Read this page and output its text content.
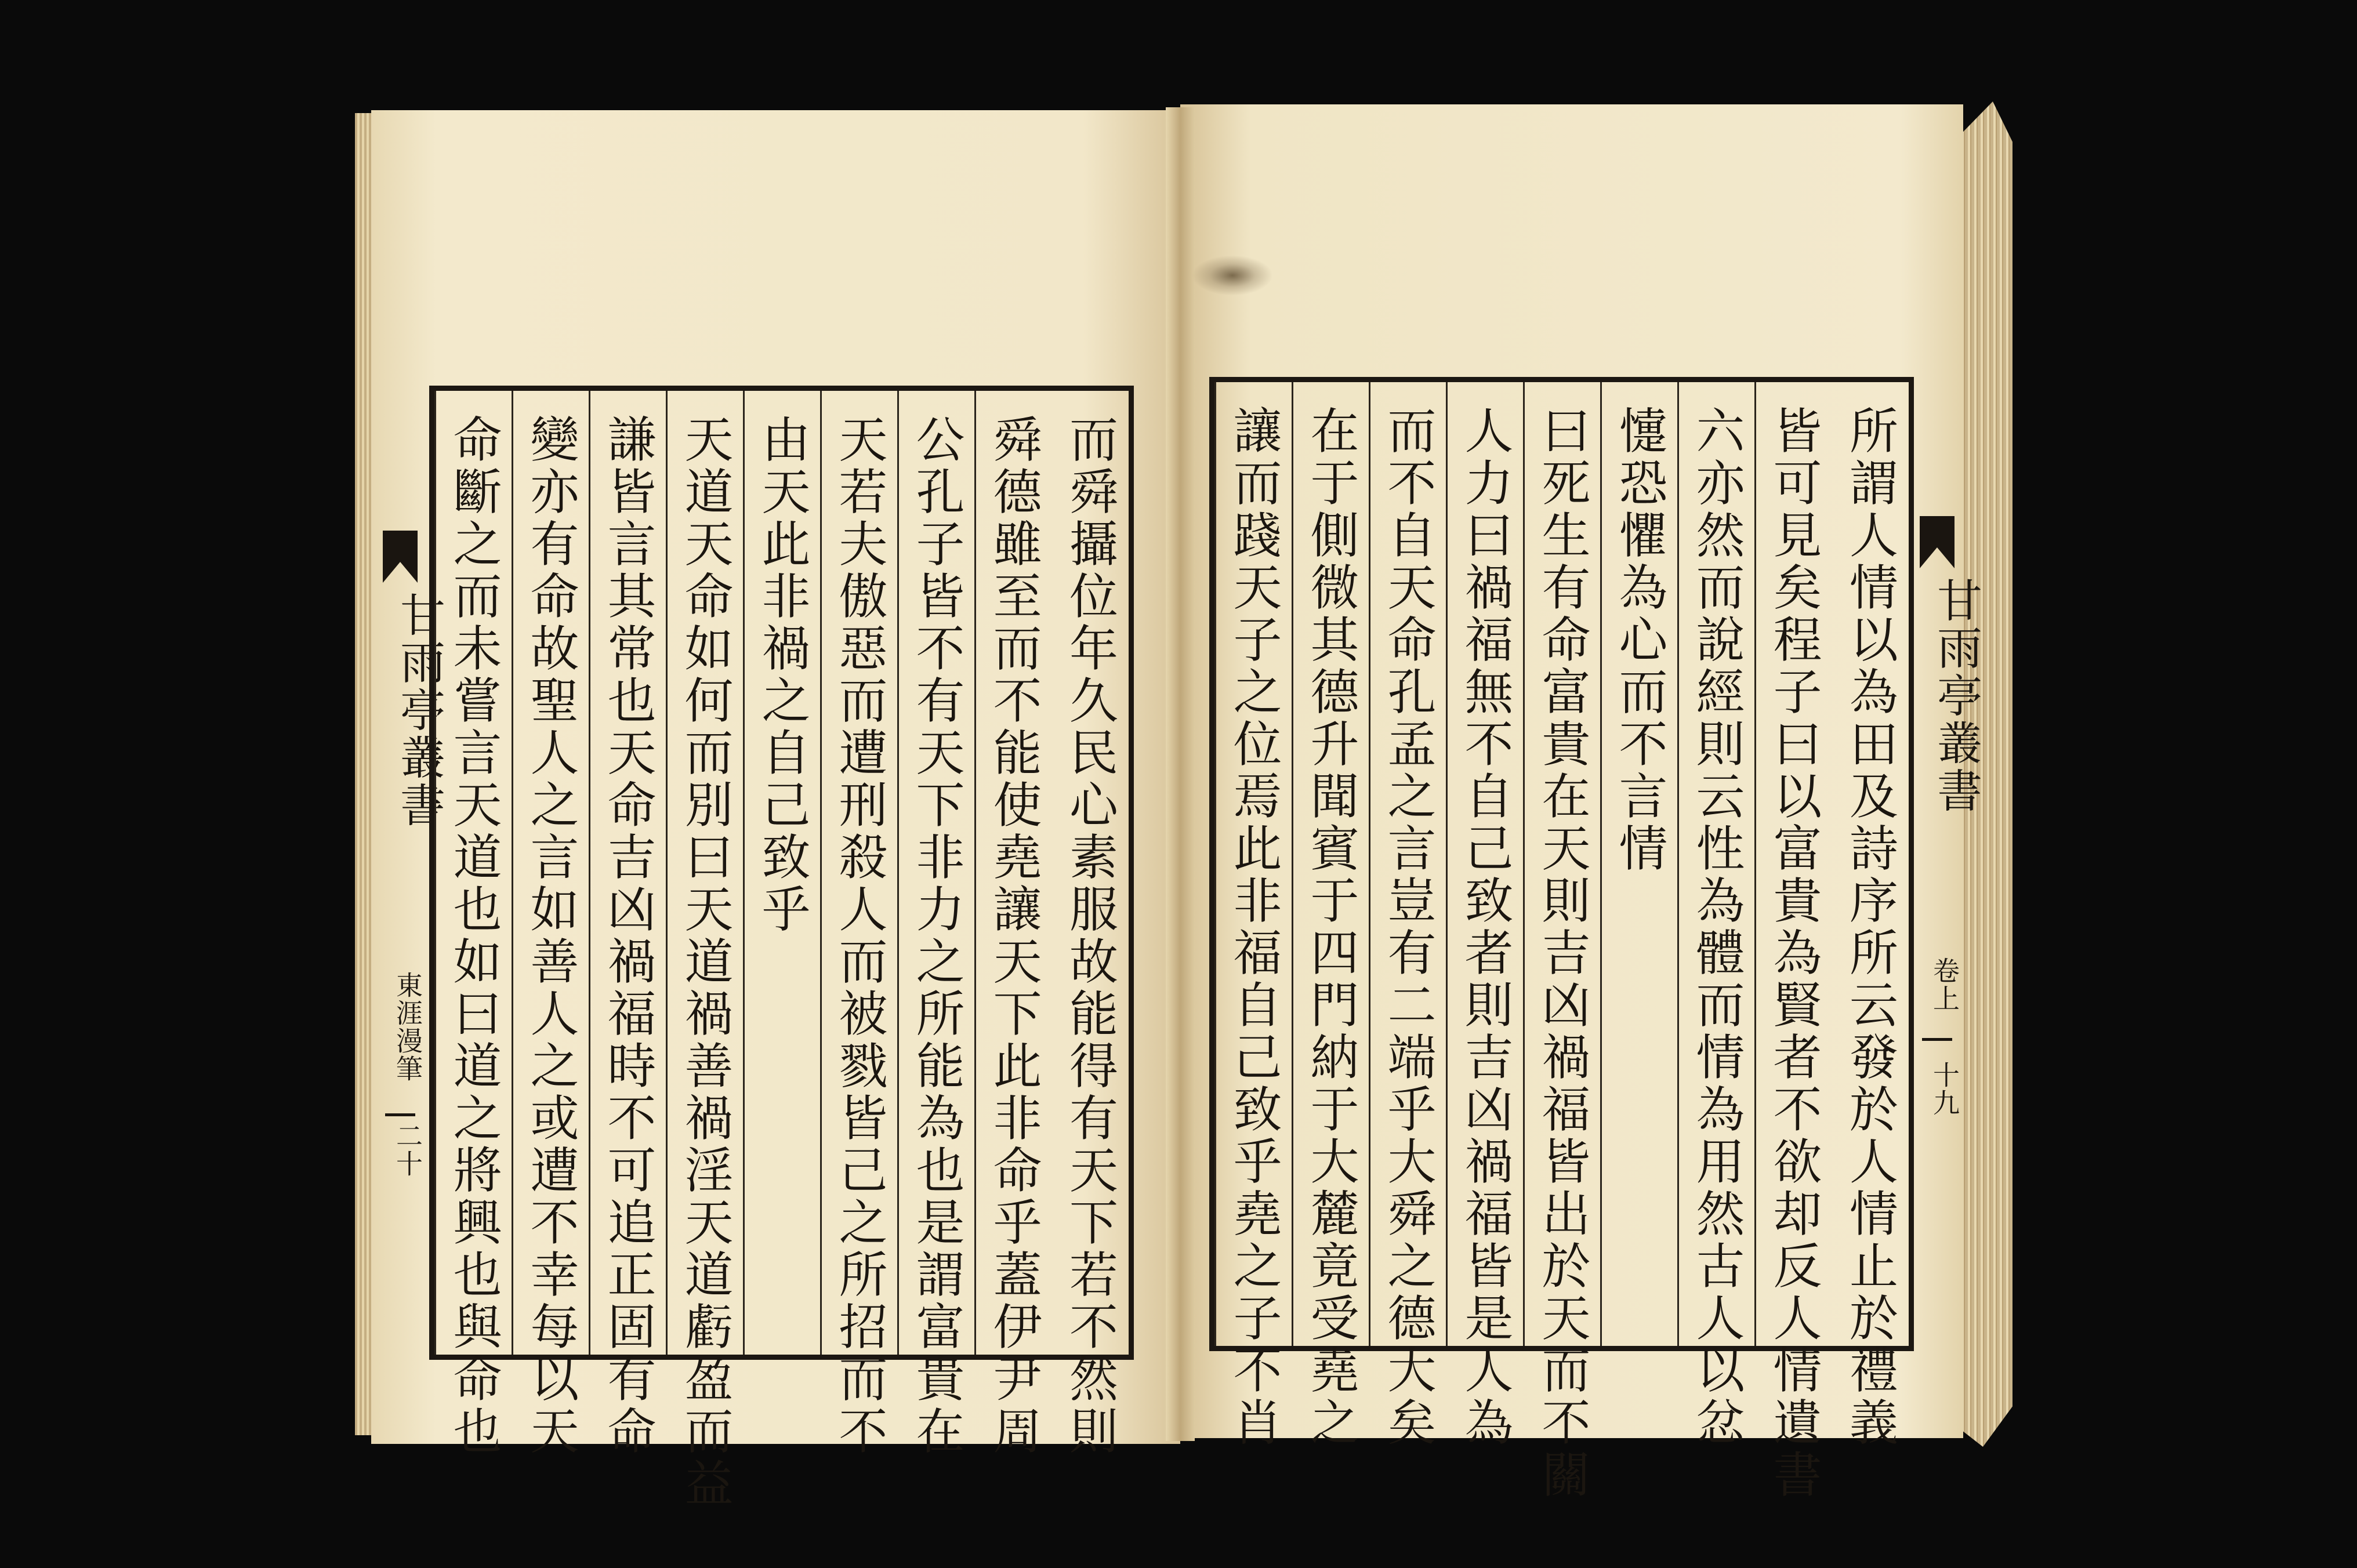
甘雨亭叢書
東涯漫筆
二十
甘雨亭叢書
卷上
十九
而舜攝位年久民心素服故能得有天下若不然則
舜德雖至而不能使堯讓天下此非命乎蓋伊尹周
公孔子皆不有天下非力之所能為也是謂富貴在
天若夫傲惡而遭刑殺人而被戮皆己之所招而不
由天此非禍之自己致乎
天道天命如何而別曰天道禍善禍淫天道虧盈而益
謙皆言其常也天命吉凶禍福時不可追正固有命
變亦有命故聖人之言如善人之或遭不幸每以天
命斷之而未嘗言天道也如曰道之將興也與命也	所謂人情以為田及詩序所云發於人情止於禮義
皆可見矣程子曰以富貴為賢者不欲却反人情遺書
六亦然而說經則云性為體而情為用然古人以忿
懥恐懼為心而不言情
曰死生有命富貴在天則吉凶禍福皆出於天而不關
人力曰禍福無不自己致者則吉凶禍福皆是人為
而不自天命孔孟之言豈有二端乎大舜之德大矣
在于側微其德升聞賓于四門納于大麓竟受堯之
讓而踐天子之位焉此非福自己致乎堯之子不肖
